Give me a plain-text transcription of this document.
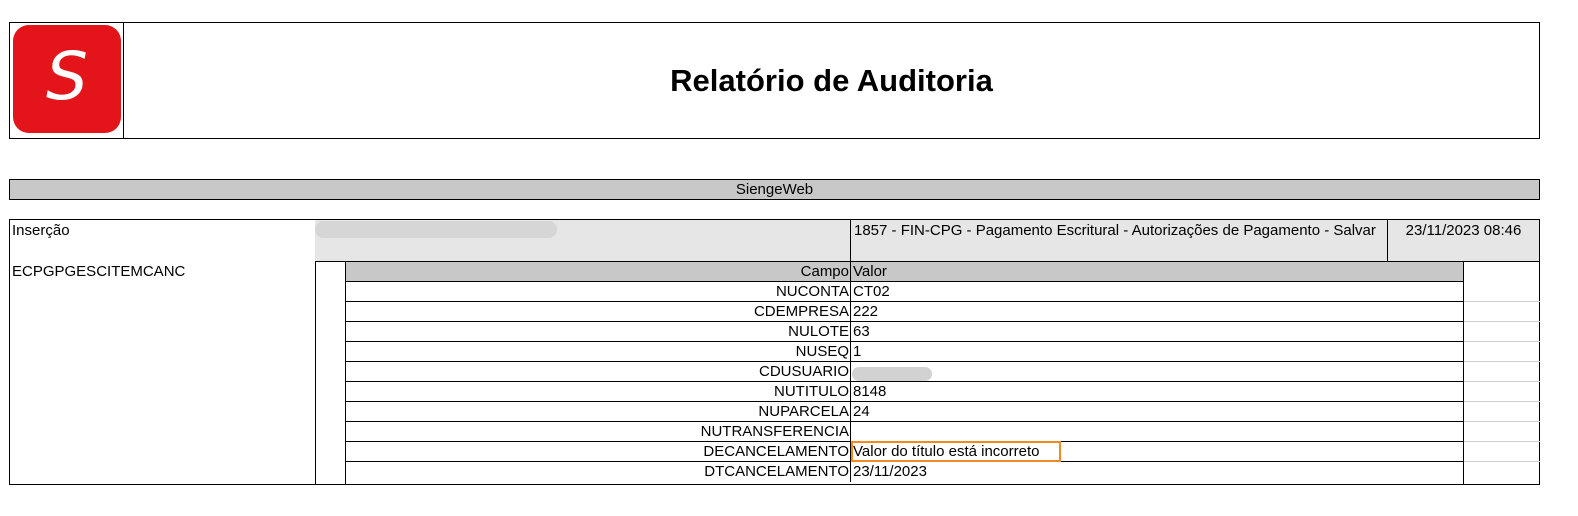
S	Relatório de Auditoria
SiengeWeb
Inserção
ECPGPGESCITEMCANC
1857 - FIN-CPG - Pagamento Escritural - Autorizações de Pagamento - Salvar	23/11/2023 08:46
Campo Valor
NUCONTA CT02
CDEMPRESA 222
NULOTE 63
NUSEQ 1
CDUSUARIO
NUTITULO 8148
NUPARCELA 24
NUTRANSFERENCIA
DECANCELAMENTO Valor do título está incorreto
DTCANCELAMENTO 23/11/2023
